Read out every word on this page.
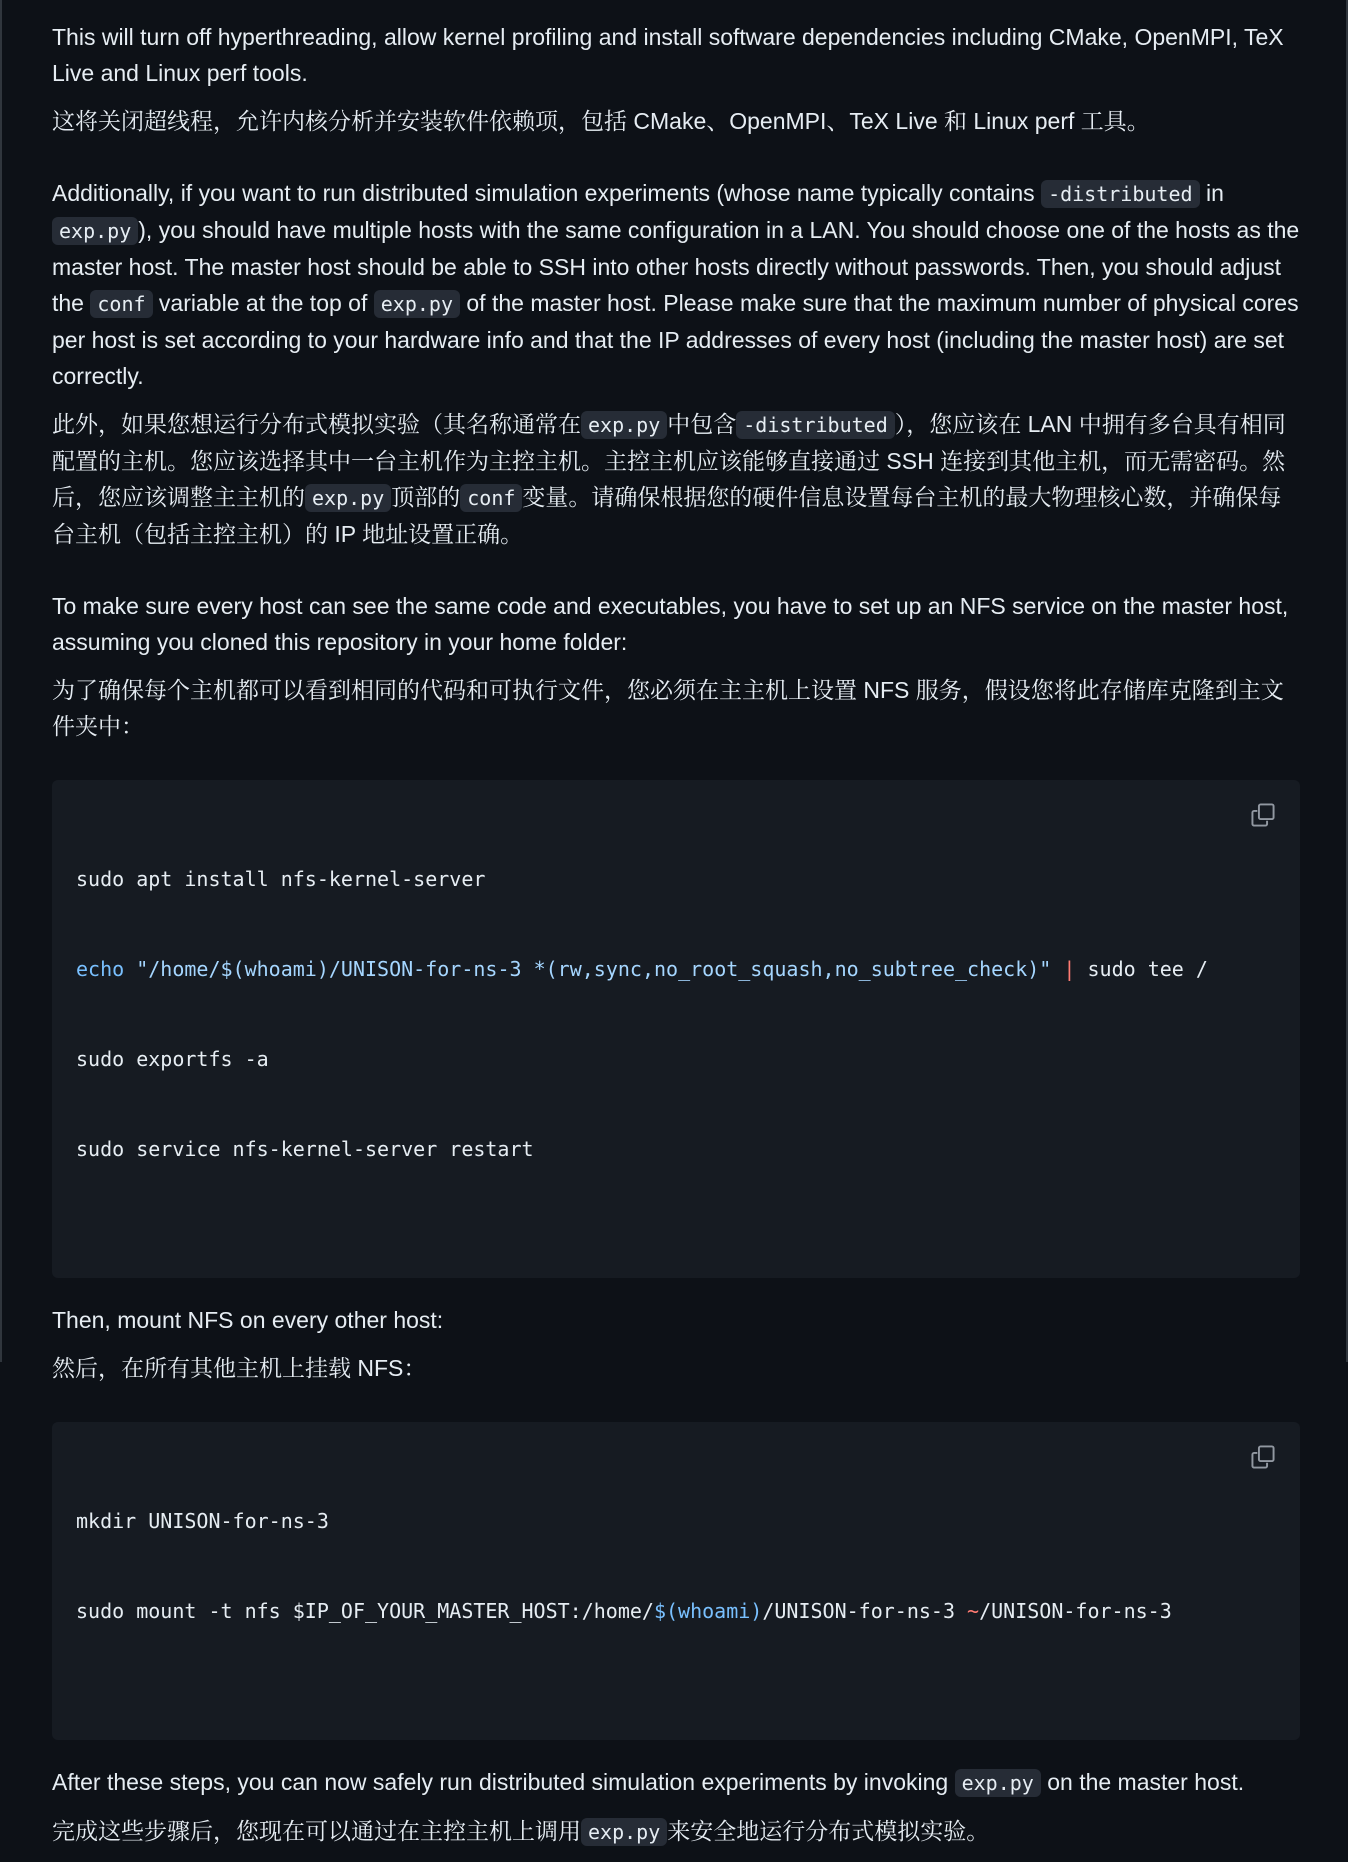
This will turn off hyperthreading, allow kernel profiling and install software dependencies including CMake, OpenMPI, TeX Live and Linux perf tools.

这将关闭超线程，允许内核分析并安装软件依赖项，包括 CMake、OpenMPI、TeX Live 和 Linux perf 工具。

Additionally, if you want to run distributed simulation experiments (whose name typically contains -distributed in exp.py ), you should have multiple hosts with the same configuration in a LAN. You should choose one of the hosts as the master host. The master host should be able to SSH into other hosts directly without passwords. Then, you should adjust the conf variable at the top of exp.py of the master host. Please make sure that the maximum number of physical cores per host is set according to your hardware info and that the IP addresses of every host (including the master host) are set correctly.

此外，如果您想运行分布式模拟实验（其名称通常在 exp.py 中包含 -distributed ），您应该在 LAN 中拥有多台具有相同配置的主机。您应该选择其中一台主机作为主控主机。主控主机应该能够直接通过 SSH 连接到其他主机，而无需密码。然后，您应该调整主主机的 exp.py 顶部的 conf 变量。请确保根据您的硬件信息设置每台主机的最大物理核心数，并确保每台主机（包括主控主机）的 IP 地址设置正确。

To make sure every host can see the same code and executables, you have to set up an NFS service on the master host, assuming you cloned this repository in your home folder:

为了确保每个主机都可以看到相同的代码和可执行文件，您必须在主主机上设置 NFS 服务，假设您将此存储库克隆到主文件夹中：

sudo apt install nfs-kernel-server

echo "/home/$(whoami)/UNISON-for-ns-3 *(rw,sync,no_root_squash,no_subtree_check)" | sudo tee /

sudo exportfs -a

sudo service nfs-kernel-server restart

Then, mount NFS on every other host:

然后，在所有其他主机上挂载 NFS：

mkdir UNISON-for-ns-3

sudo mount -t nfs $IP_OF_YOUR_MASTER_HOST:/home/$(whoami)/UNISON-for-ns-3 ~/UNISON-for-ns-3

After these steps, you can now safely run distributed simulation experiments by invoking exp.py on the master host.

完成这些步骤后，您现在可以通过在主控主机上调用 exp.py 来安全地运行分布式模拟实验。
